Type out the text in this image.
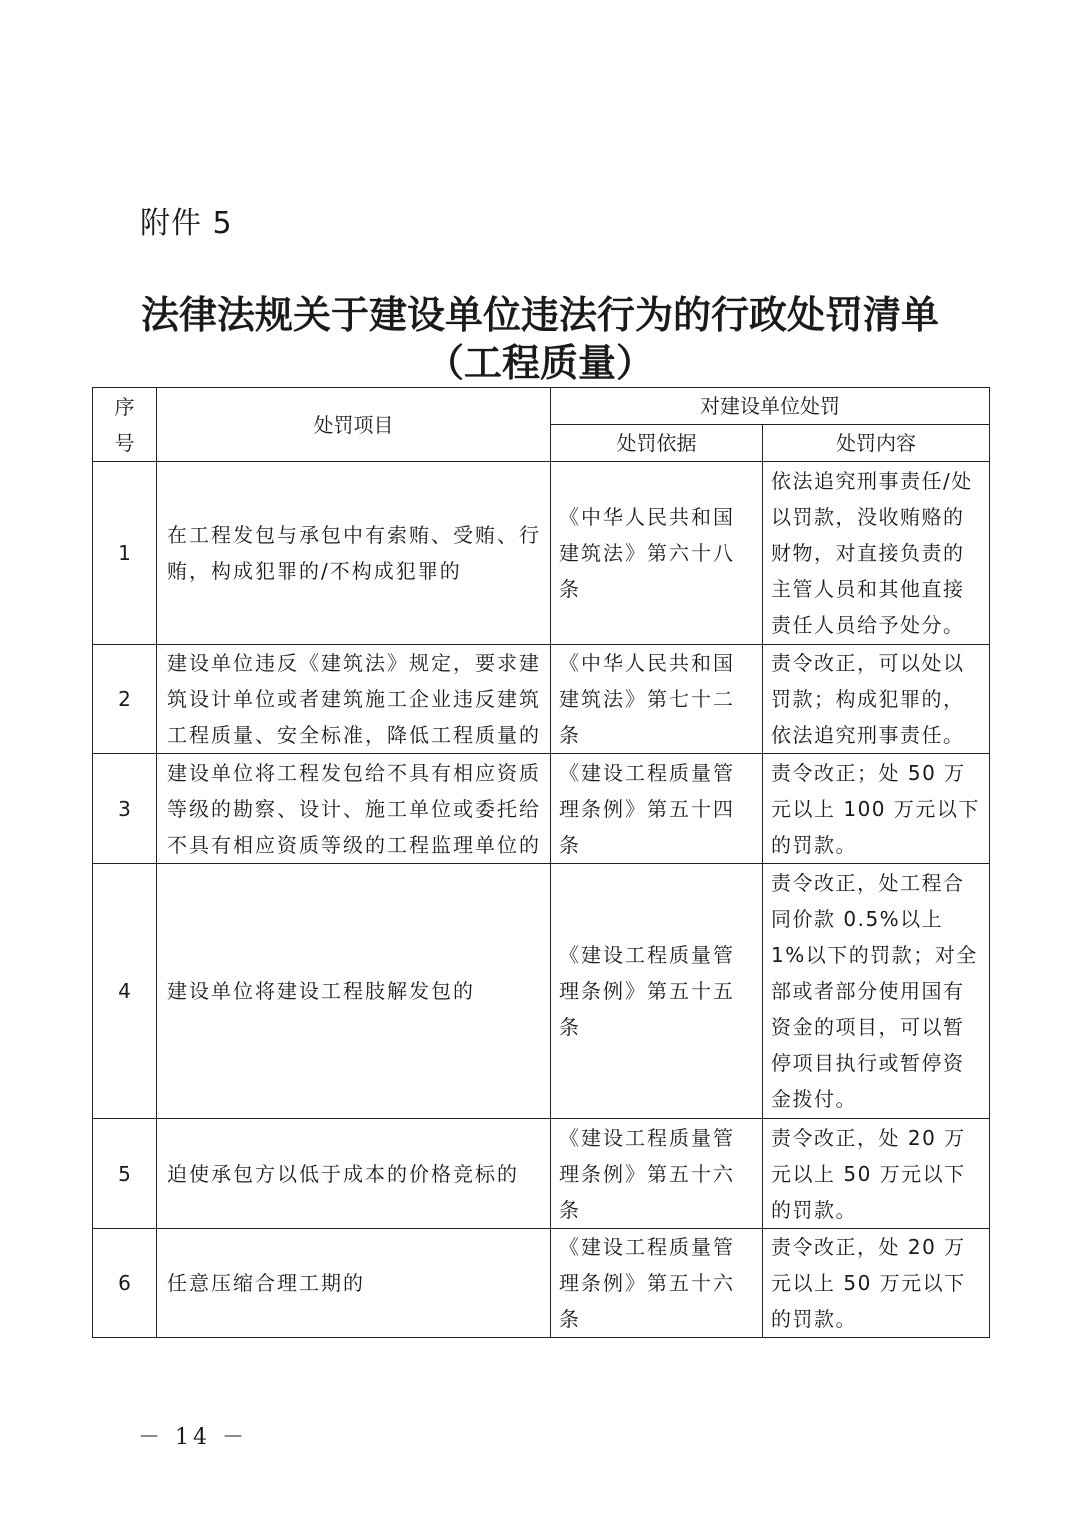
附件 5
法律法规关于建设单位违法行为的行政处罚清单
（工程质量）
序号	处罚项目	对建设单位处罚	
		处罚依据	处罚内容
1	在工程发包与承包中有索贿、受贿、行贿，构成犯罪的/不构成犯罪的	《中华人民共和国建筑法》第六十八条	依法追究刑事责任/处以罚款，没收贿赂的财物，对直接负责的主管人员和其他直接责任人员给予处分。
2	建设单位违反《建筑法》规定，要求建筑设计单位或者建筑施工企业违反建筑工程质量、安全标准，降低工程质量的	《中华人民共和国建筑法》第七十二条	责令改正，可以处以罚款；构成犯罪的，依法追究刑事责任。
3	建设单位将工程发包给不具有相应资质等级的勘察、设计、施工单位或委托给不具有相应资质等级的工程监理单位的	《建设工程质量管理条例》第五十四条	责令改正；处 50 万元以上 100 万元以下的罚款。
4	建设单位将建设工程肢解发包的	《建设工程质量管理条例》第五十五条	责令改正，处工程合同价款 0.5%以上 1%以下的罚款；对全部或者部分使用国有资金的项目，可以暂停项目执行或暂停资金拨付。
5	迫使承包方以低于成本的价格竞标的	《建设工程质量管理条例》第五十六条	责令改正，处 20 万元以上 50 万元以下的罚款。
6	任意压缩合理工期的	《建设工程质量管理条例》第五十六条	责令改正，处 20 万元以上 50 万元以下的罚款。
－ 14 －
